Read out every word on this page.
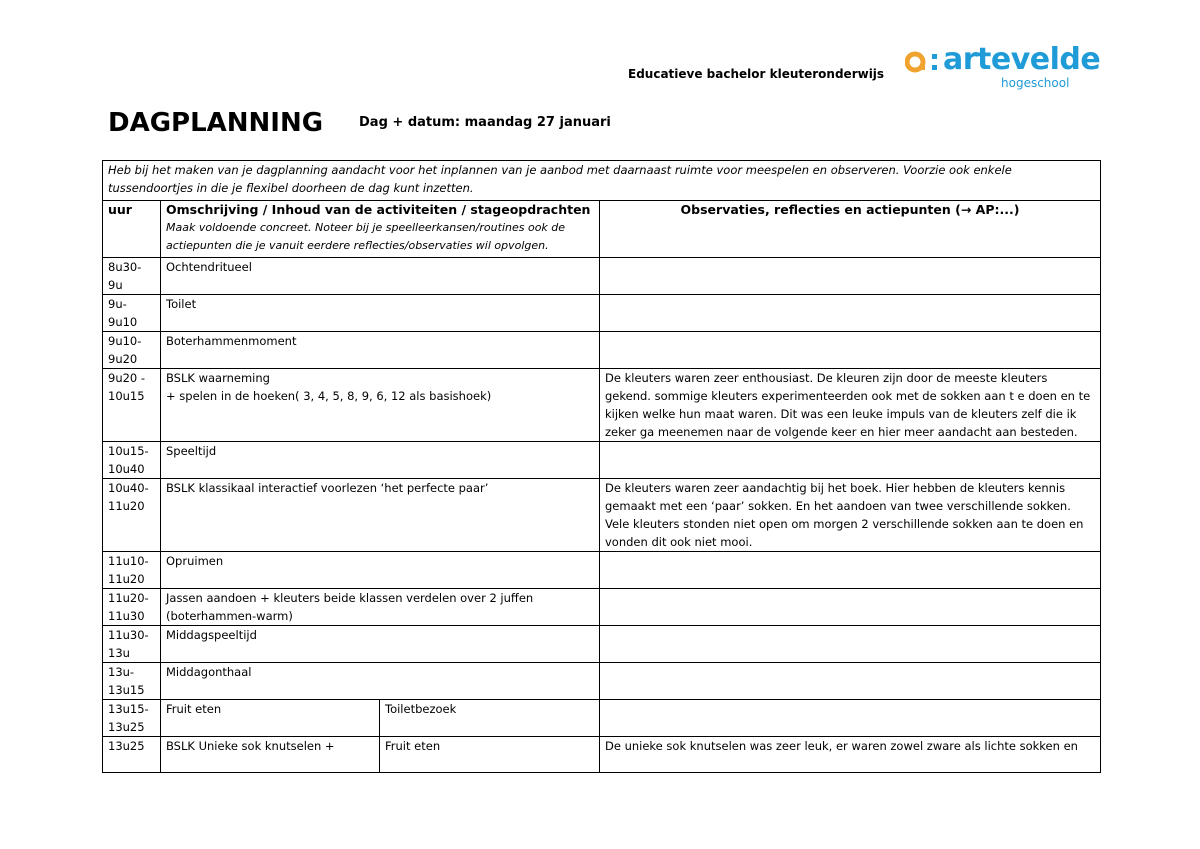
Educatieve bachelor kleuteronderwijs artevelde
hogeschool
DAGPLANNING	Dag + datum: maandag 27 januari
Heb bij het maken van je dagplanning aandacht voor het inplannen van je aanbod met daarnaast ruimte voor meespelen en observeren. Voorzie ook enkele tussendoortjes in die je flexibel doorheen de dag kunt inzetten.			
uur	Omschrijving / Inhoud van de activiteiten / stageopdrachten
Maak voldoende concreet. Noteer bij je speelleerkansen/routines ook de actiepunten die je vanuit eerdere reflecties/observaties wil opvolgen.		Observaties, reflecties en actiepunten (→ AP:...)
8u30-
9u	Ochtendritueel		
9u-
9u10	Toilet		
9u10-
9u20	Boterhammenmoment		
9u20 -
10u15	BSLK waarneming
+ spelen in de hoeken( 3, 4, 5, 8, 9, 6, 12 als basishoek)		De kleuters waren zeer enthousiast. De kleuren zijn door de meeste kleuters gekend. sommige kleuters experimenteerden ook met de sokken aan t e doen en te kijken welke hun maat waren. Dit was een leuke impuls van de kleuters zelf die ik zeker ga meenemen naar de volgende keer en hier meer aandacht aan besteden.
10u15-
10u40	Speeltijd		
10u40-
11u20	BSLK klassikaal interactief voorlezen ‘het perfecte paar’		De kleuters waren zeer aandachtig bij het boek. Hier hebben de kleuters kennis gemaakt met een ‘paar’ sokken. En het aandoen van twee verschillende sokken. Vele kleuters stonden niet open om morgen 2 verschillende sokken aan te doen en vonden dit ook niet mooi.
11u10-
11u20	Opruimen		
11u20-
11u30	Jassen aandoen + kleuters beide klassen verdelen over 2 juffen (boterhammen-warm)		
11u30-
13u	Middagspeeltijd		
13u-
13u15	Middagonthaal		
13u15-
13u25	Fruit eten	Toiletbezoek	
13u25	BSLK Unieke sok knutselen +	Fruit eten	De unieke sok knutselen was zeer leuk, er waren zowel zware als lichte sokken en
